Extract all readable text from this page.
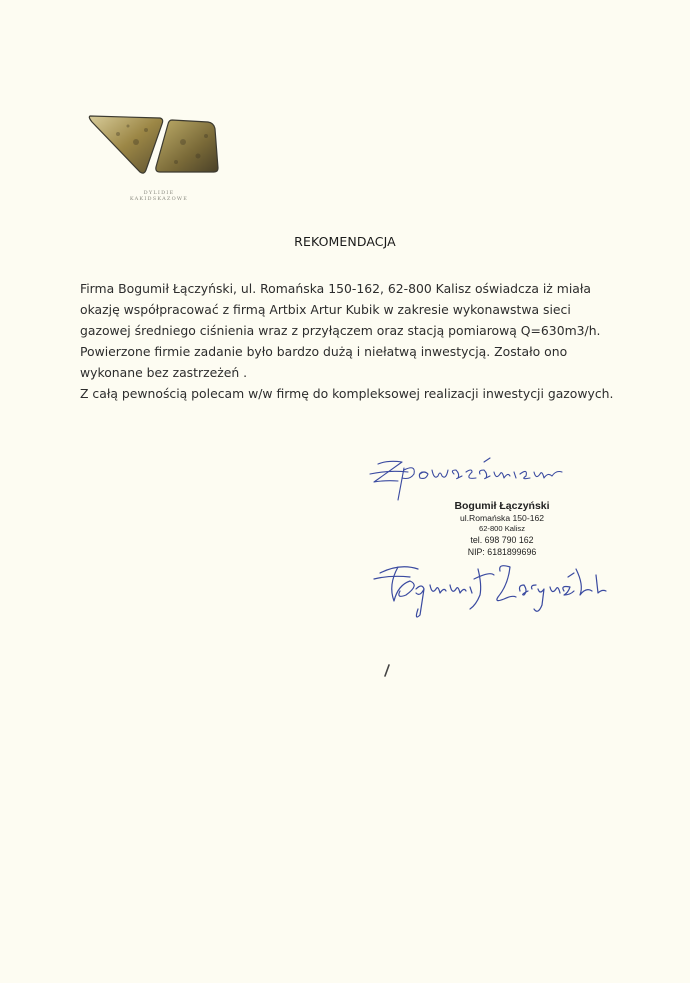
DYLIDIE
KAKIDSKAZOWE
REKOMENDACJA
Firma Bogumił Łączyński, ul. Romańska 150-162, 62-800 Kalisz oświadcza iż miała
okazję współpracować z firmą Artbix Artur Kubik w zakresie wykonawstwa sieci
gazowej średniego ciśnienia wraz z przyłączem oraz stacją pomiarową Q=630m3/h.
Powierzone firmie zadanie było bardzo dużą i niełatwą inwestycją. Zostało ono
wykonane bez zastrzeżeń .
Z całą pewnością polecam w/w firmę do kompleksowej realizacji inwestycji gazowych.
Bogumił Łączyński
ul.Romańska 150-162
62-800 Kalisz
tel. 698 790 162
NIP: 6181899696
